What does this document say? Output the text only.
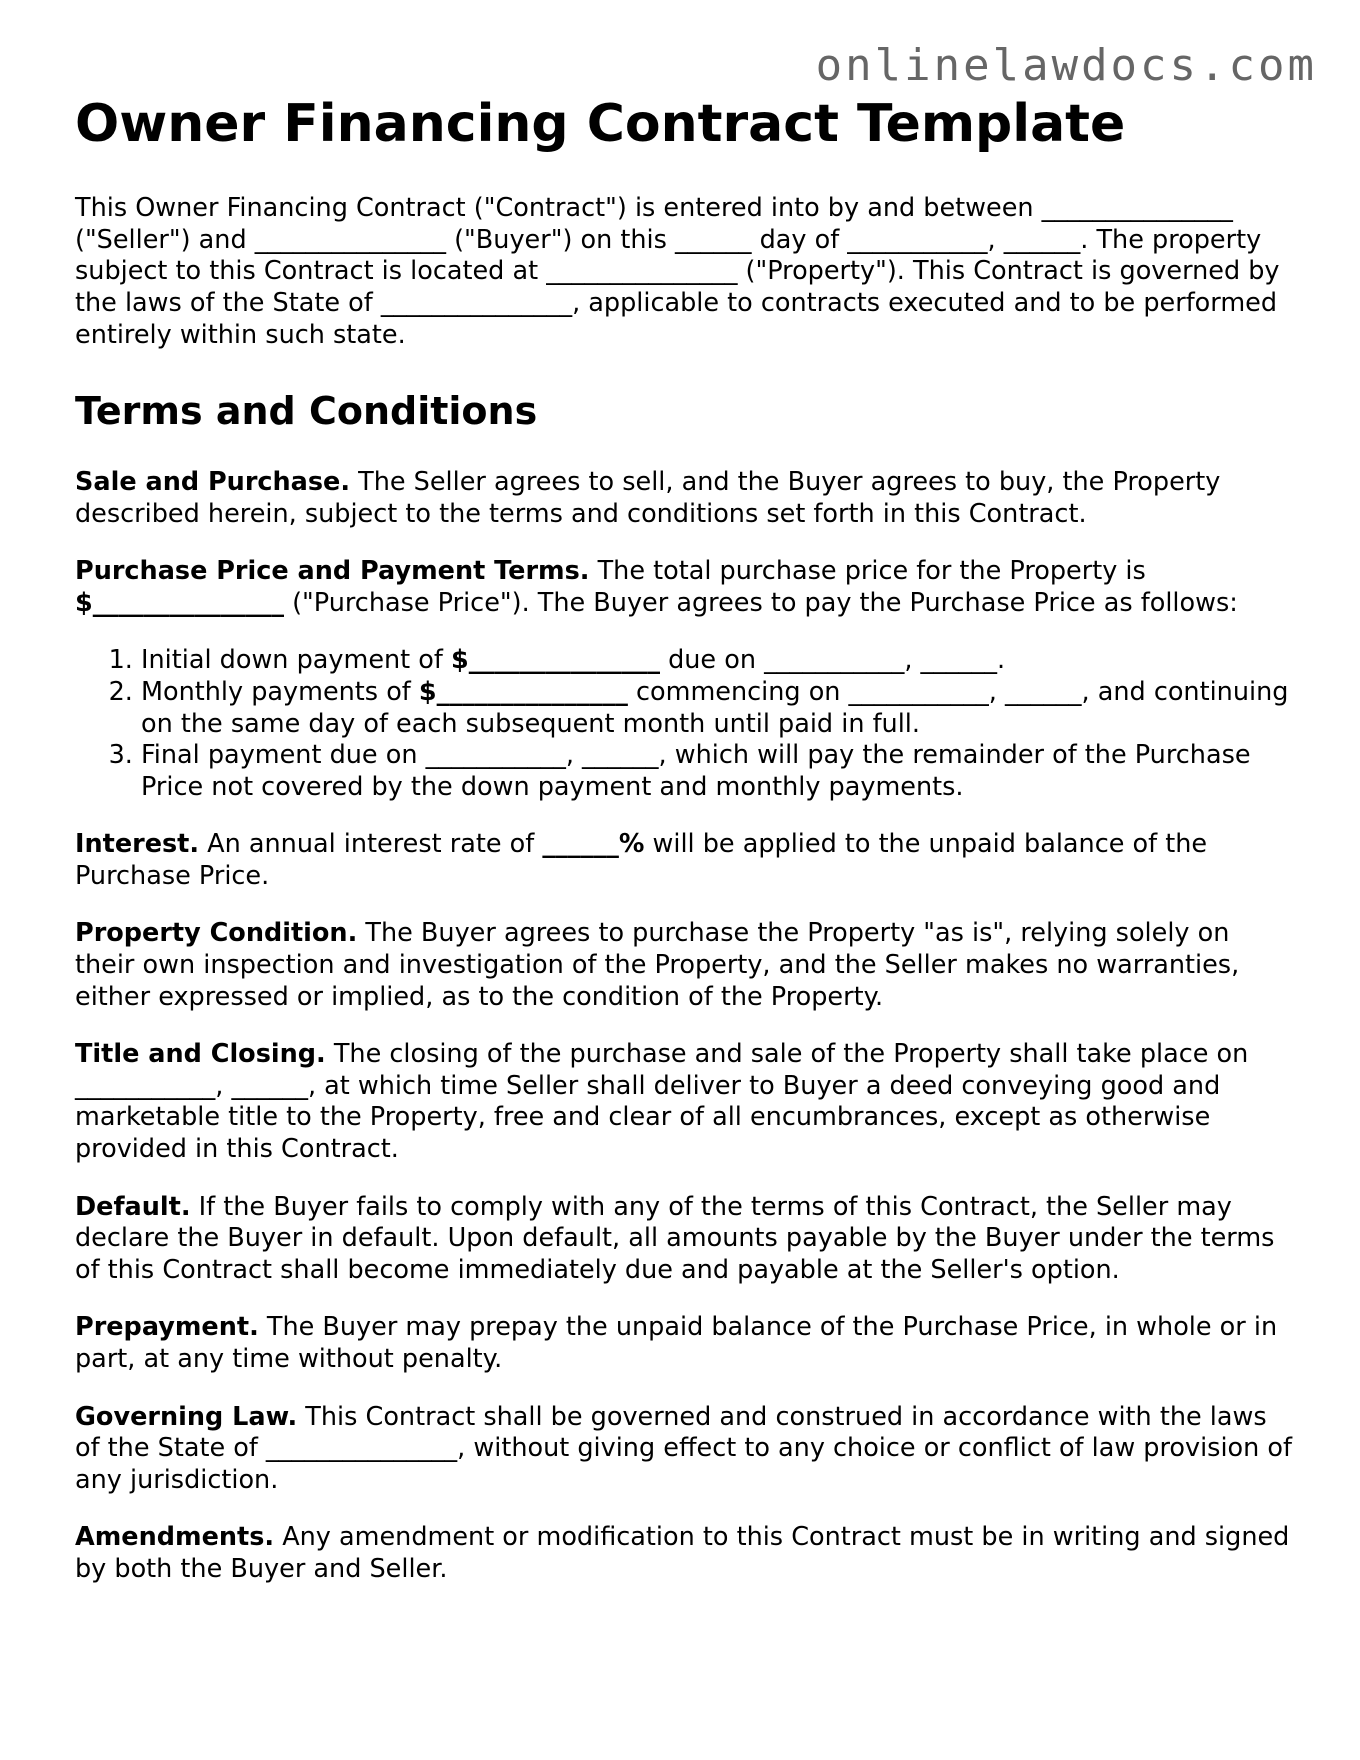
onlinelawdocs.com
Owner Financing Contract Template

This Owner Financing Contract ("Contract") is entered into by and between _______________ ("Seller") and _______________ ("Buyer") on this ______ day of ___________, ______. The property subject to this Contract is located at _______________ ("Property"). This Contract is governed by the laws of the State of _______________, applicable to contracts executed and to be performed entirely within such state.

Terms and Conditions

Sale and Purchase. The Seller agrees to sell, and the Buyer agrees to buy, the Property described herein, subject to the terms and conditions set forth in this Contract.

Purchase Price and Payment Terms. The total purchase price for the Property is $_______________ ("Purchase Price"). The Buyer agrees to pay the Purchase Price as follows:

1. Initial down payment of $_______________ due on ___________, ______.
2. Monthly payments of $_______________ commencing on ___________, ______, and continuing on the same day of each subsequent month until paid in full.
3. Final payment due on ___________, ______, which will pay the remainder of the Purchase Price not covered by the down payment and monthly payments.

Interest. An annual interest rate of ______% will be applied to the unpaid balance of the Purchase Price.

Property Condition. The Buyer agrees to purchase the Property "as is", relying solely on their own inspection and investigation of the Property, and the Seller makes no warranties, either expressed or implied, as to the condition of the Property.

Title and Closing. The closing of the purchase and sale of the Property shall take place on ___________, ______, at which time Seller shall deliver to Buyer a deed conveying good and marketable title to the Property, free and clear of all encumbrances, except as otherwise provided in this Contract.

Default. If the Buyer fails to comply with any of the terms of this Contract, the Seller may declare the Buyer in default. Upon default, all amounts payable by the Buyer under the terms of this Contract shall become immediately due and payable at the Seller's option.

Prepayment. The Buyer may prepay the unpaid balance of the Purchase Price, in whole or in part, at any time without penalty.

Governing Law. This Contract shall be governed and construed in accordance with the laws of the State of _______________, without giving effect to any choice or conflict of law provision of any jurisdiction.

Amendments. Any amendment or modification to this Contract must be in writing and signed by both the Buyer and Seller.
